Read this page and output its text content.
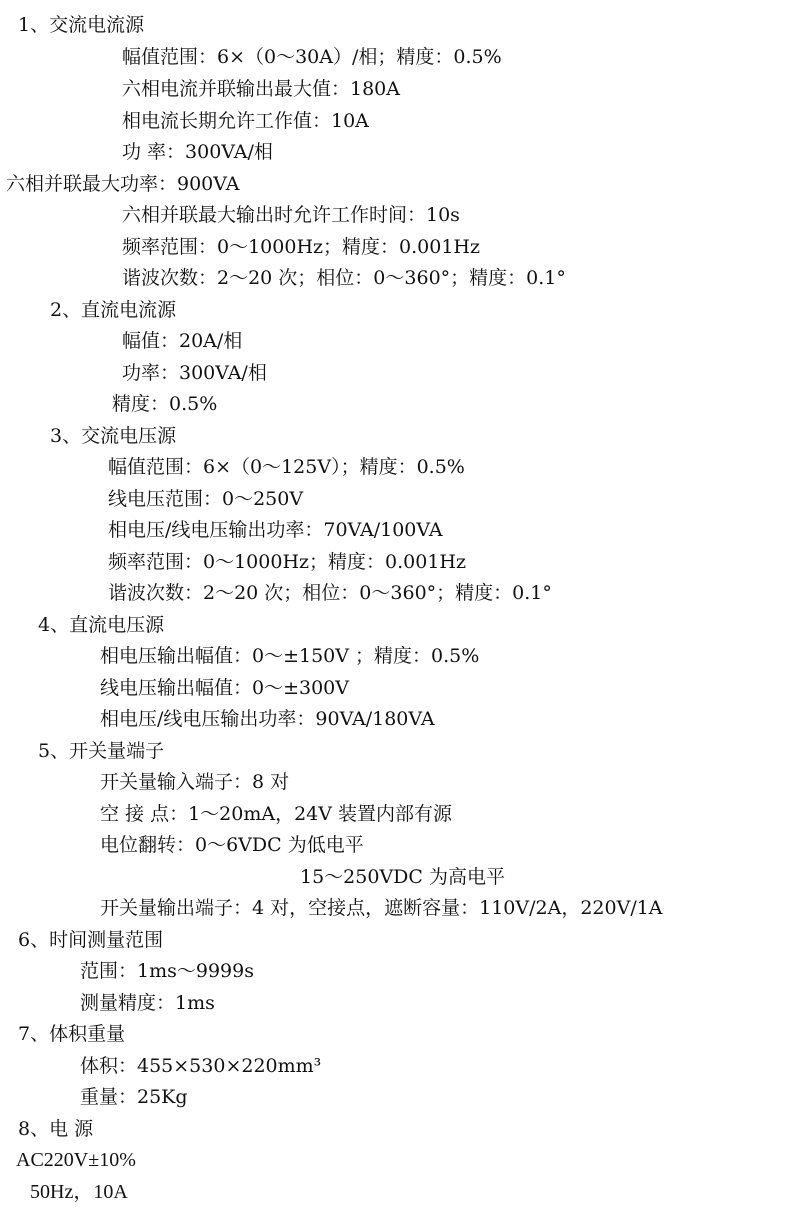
1、交流电流源
幅值范围：6×（0～30A）/相；精度：0.5%
六相电流并联输出最大值：180A
相电流长期允许工作值：10A
功 率：300VA/相
六相并联最大功率：900VA
六相并联最大输出时允许工作时间：10s
频率范围：0～1000Hz；精度：0.001Hz
谐波次数：2～20 次；相位：0～360°；精度：0.1°
2、直流电流源
幅值：20A/相
功率：300VA/相
精度：0.5%
3、交流电压源
幅值范围：6×（0～125V）；精度：0.5%
线电压范围：0～250V
相电压/线电压输出功率：70VA/100VA
频率范围：0～1000Hz；精度：0.001Hz
谐波次数：2～20 次；相位：0～360°；精度：0.1°
4、直流电压源
相电压输出幅值：0～±150V ；精度：0.5%
线电压输出幅值：0～±300V
相电压/线电压输出功率：90VA/180VA
5、开关量端子
开关量输入端子：8 对
空 接 点：1～20mA，24V 装置内部有源
电位翻转：0～6VDC 为低电平
15～250VDC 为高电平
开关量输出端子：4 对，空接点，遮断容量：110V/2A，220V/1A
6、时间测量范围
范围：1ms～9999s
测量精度：1ms
7、体积重量
体积：455×530×220mm³
重量：25Kg
8、电 源
AC220V±10%
50Hz，10A
